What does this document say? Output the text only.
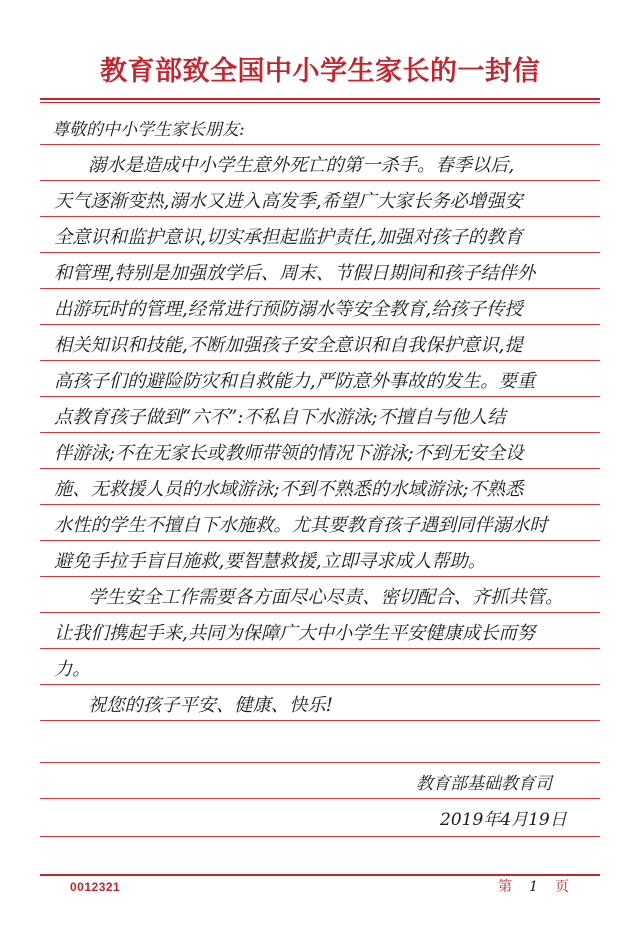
教育部致全国中小学生家长的一封信
尊敬的中小学生家长朋友:
溺水是造成中小学生意外死亡的第一杀手。春季以后,
天气逐渐变热,溺水又进入高发季,希望广大家长务必增强安
全意识和监护意识,切实承担起监护责任,加强对孩子的教育
和管理,特别是加强放学后、周末、节假日期间和孩子结伴外
出游玩时的管理,经常进行预防溺水等安全教育,给孩子传授
相关知识和技能,不断加强孩子安全意识和自我保护意识,提
高孩子们的避险防灾和自救能力,严防意外事故的发生。要重
点教育孩子做到“六不”:不私自下水游泳;不擅自与他人结
伴游泳;不在无家长或教师带领的情况下游泳;不到无安全设
施、无救援人员的水域游泳;不到不熟悉的水域游泳;不熟悉
水性的学生不擅自下水施救。尤其要教育孩子遇到同伴溺水时
避免手拉手盲目施救,要智慧救援,立即寻求成人帮助。
学生安全工作需要各方面尽心尽责、密切配合、齐抓共管。
让我们携起手来,共同为保障广大中小学生平安健康成长而努
力。
祝您的孩子平安、健康、快乐!
教育部基础教育司
2019年4月19日
0012321	第 1 页
